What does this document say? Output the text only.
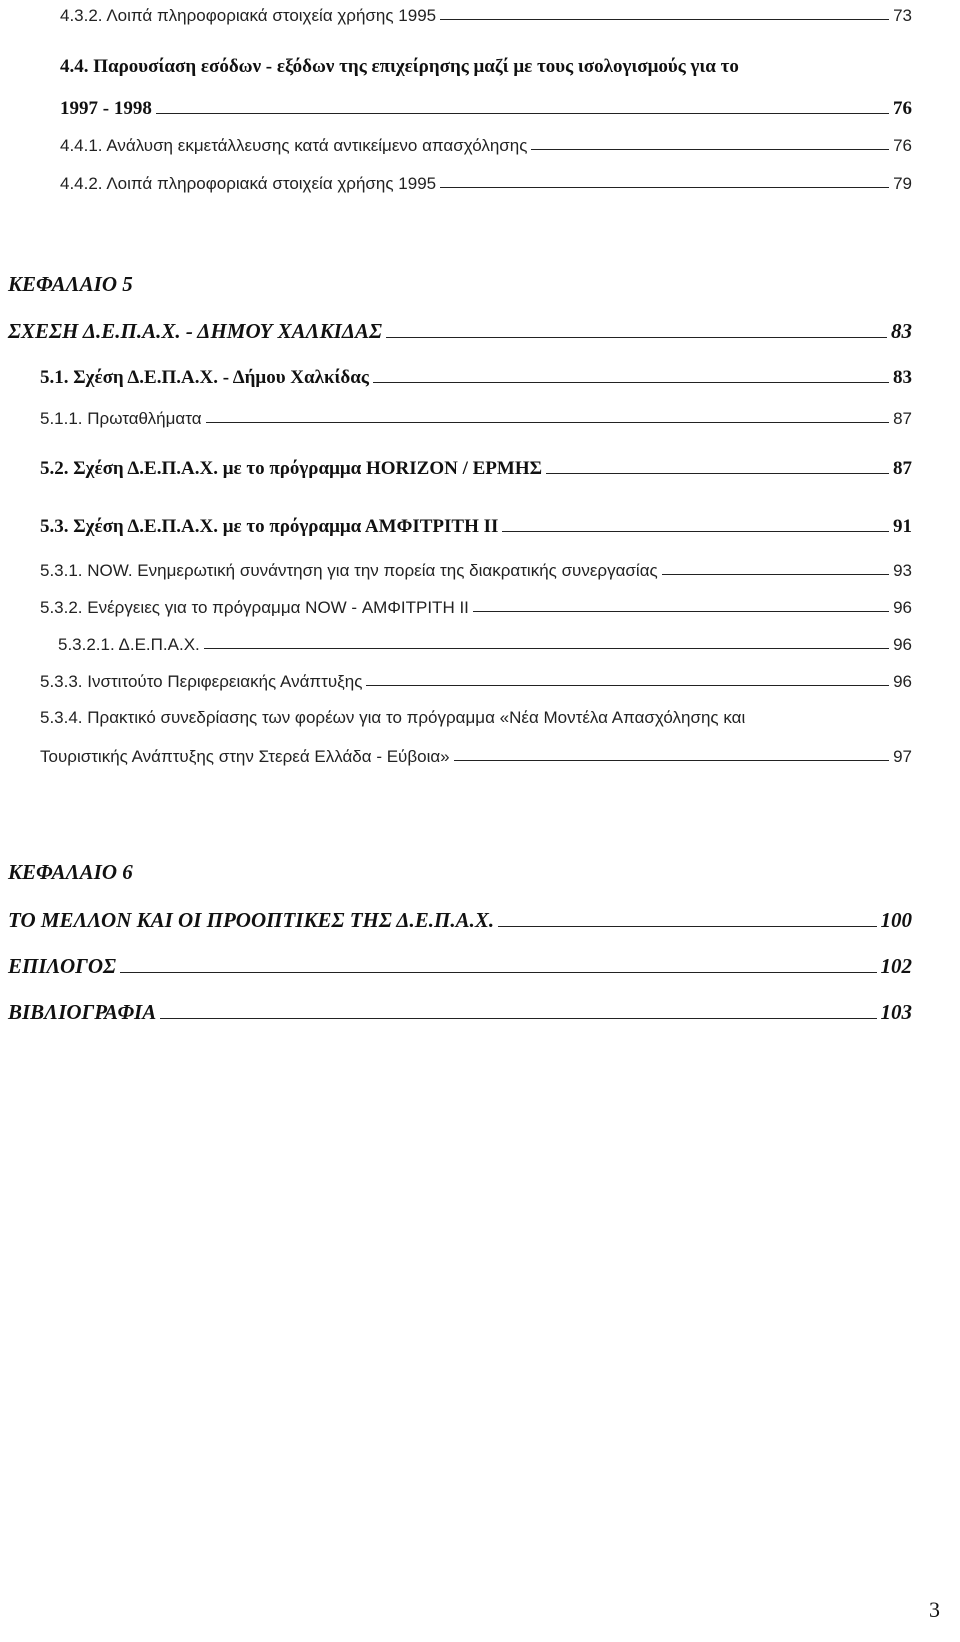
4.3.2. Λοιπά πληροφοριακά στοιχεία χρήσης 1995	73
4.4. Παρουσίαση εσόδων - εξόδων της επιχείρησης μαζί με τους ισολογισμούς για το
1997 - 1998	76
4.4.1. Ανάλυση εκμετάλλευσης κατά αντικείμενο απασχόλησης	76
4.4.2. Λοιπά πληροφοριακά στοιχεία χρήσης 1995	79
ΚΕΦΑΛΑΙΟ 5
ΣΧΕΣΗ Δ.Ε.Π.Α.Χ. - ΔΗΜΟΥ ΧΑΛΚΙΔΑΣ	83
5.1. Σχέση Δ.Ε.Π.Α.Χ. - Δήμου Χαλκίδας	83
5.1.1. Πρωταθλήματα	87
5.2. Σχέση Δ.Ε.Π.Α.Χ. με το πρόγραμμα HORIZON / ΕΡΜΗΣ	87
5.3. Σχέση Δ.Ε.Π.Α.Χ. με το πρόγραμμα ΑΜΦΙΤΡΙΤΗ ΙΙ	91
5.3.1. NOW. Ενημερωτική συνάντηση για την πορεία της διακρατικής συνεργασίας	93
5.3.2. Ενέργειες για το πρόγραμμα NOW - ΑΜΦΙΤΡΙΤΗ ΙΙ	96
5.3.2.1. Δ.Ε.Π.Α.Χ.	96
5.3.3. Ινστιτούτο Περιφερειακής Ανάπτυξης	96
5.3.4. Πρακτικό συνεδρίασης των φορέων για το πρόγραμμα «Νέα Μοντέλα Απασχόλησης και
Τουριστικής Ανάπτυξης στην Στερεά Ελλάδα - Εύβοια»	97
ΚΕΦΑΛΑΙΟ 6
ΤΟ ΜΕΛΛΟΝ ΚΑΙ ΟΙ ΠΡΟΟΠΤΙΚΕΣ ΤΗΣ Δ.Ε.Π.Α.Χ.	100
ΕΠΙΛΟΓΟΣ	102
ΒΙΒΛΙΟΓΡΑΦΙΑ	103
3
